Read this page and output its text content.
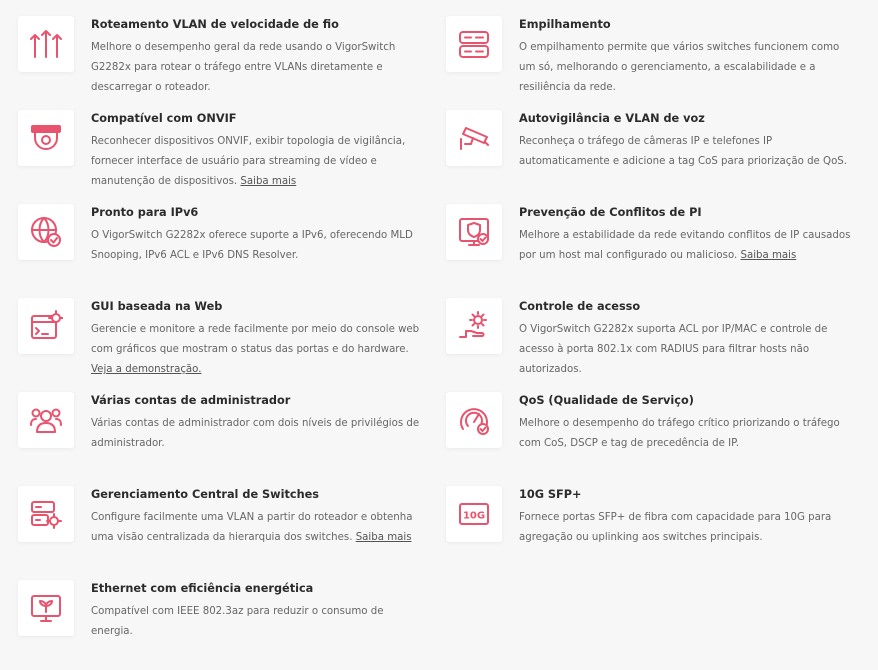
Roteamento VLAN de velocidade de fio
Melhore o desempenho geral da rede usando o VigorSwitch G2282x para rotear o tráfego entre VLANs diretamente e descarregar o roteador.
Empilhamento
O empilhamento permite que vários switches funcionem como um só, melhorando o gerenciamento, a escalabilidade e a resiliência da rede.
Compatível com ONVIF
Reconhecer dispositivos ONVIF, exibir topologia de vigilância, fornecer interface de usuário para streaming de vídeo e manutenção de dispositivos. Saiba mais
Autovigilância e VLAN de voz
Reconheça o tráfego de câmeras IP e telefones IP automaticamente e adicione a tag CoS para priorização de QoS.
Pronto para IPv6
O VigorSwitch G2282x oferece suporte a IPv6, oferecendo MLD Snooping, IPv6 ACL e IPv6 DNS Resolver.
Prevenção de Conflitos de PI
Melhore a estabilidade da rede evitando conflitos de IP causados por um host mal configurado ou malicioso. Saiba mais
GUI baseada na Web
Gerencie e monitore a rede facilmente por meio do console web com gráficos que mostram o status das portas e do hardware. Veja a demonstração.
Controle de acesso
O VigorSwitch G2282x suporta ACL por IP/MAC e controle de acesso à porta 802.1x com RADIUS para filtrar hosts não autorizados.
Várias contas de administrador
Várias contas de administrador com dois níveis de privilégios de administrador.
QoS (Qualidade de Serviço)
Melhore o desempenho do tráfego crítico priorizando o tráfego com CoS, DSCP e tag de precedência de IP.
Gerenciamento Central de Switches
Configure facilmente uma VLAN a partir do roteador e obtenha uma visão centralizada da hierarquia dos switches. Saiba mais
10G
10G SFP+
Fornece portas SFP+ de fibra com capacidade para 10G para agregação ou uplinking aos switches principais.
Ethernet com eficiência energética
Compatível com IEEE 802.3az para reduzir o consumo de energia.
